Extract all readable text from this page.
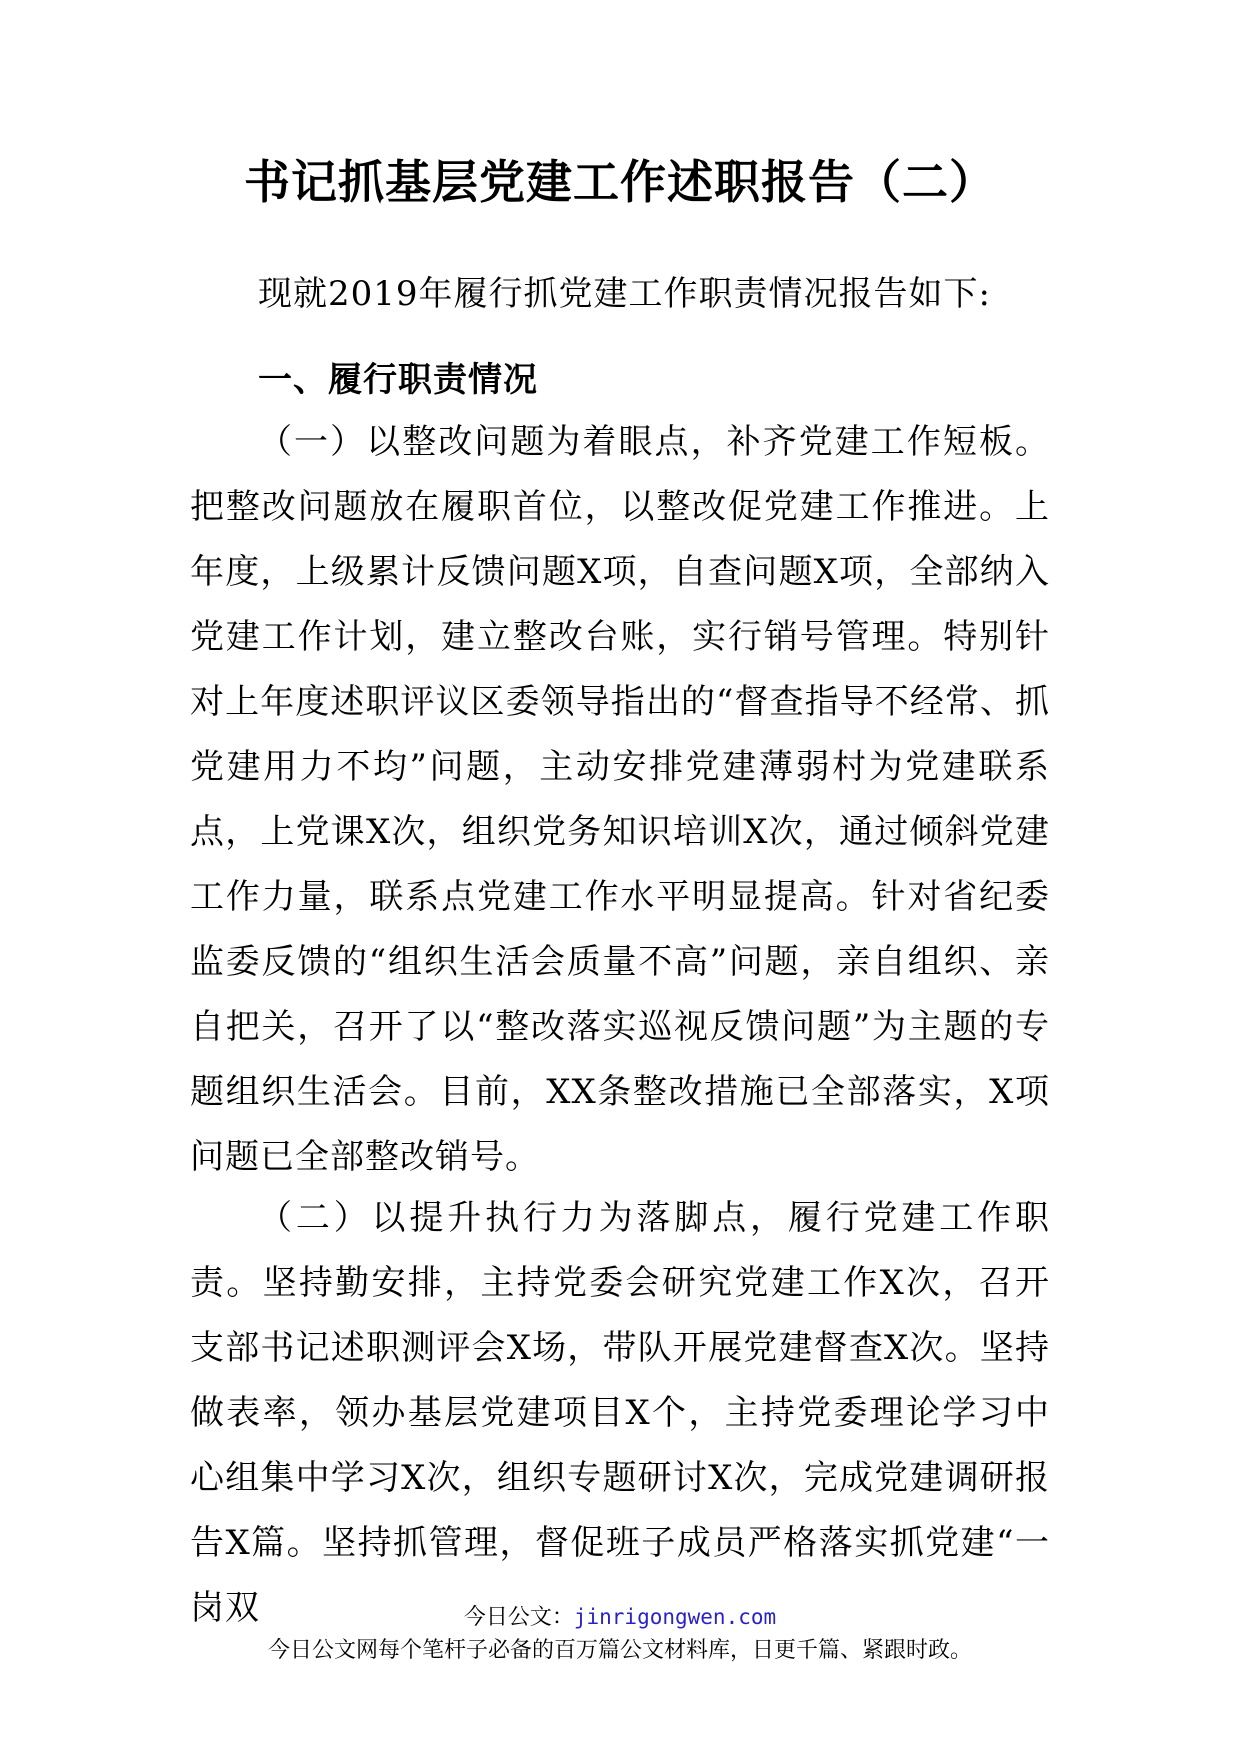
书记抓基层党建工作述职报告（二）
现就2019年履行抓党建工作职责情况报告如下:
一、履行职责情况
（一）以整改问题为着眼点，补齐党建工作短板。把整改问题放在履职首位，以整改促党建工作推进。上年度，上级累计反馈问题X项，自查问题X项，全部纳入党建工作计划，建立整改台账，实行销号管理。特别针对上年度述职评议区委领导指出的“督查指导不经常、抓党建用力不均”问题，主动安排党建薄弱村为党建联系点，上党课X次，组织党务知识培训X次，通过倾斜党建工作力量，联系点党建工作水平明显提高。针对省纪委监委反馈的“组织生活会质量不高”问题，亲自组织、亲自把关，召开了以“整改落实巡视反馈问题”为主题的专题组织生活会。目前，XX条整改措施已全部落实，X项问题已全部整改销号。
（二）以提升执行力为落脚点，履行党建工作职责。坚持勤安排，主持党委会研究党建工作X次，召开支部书记述职测评会X场，带队开展党建督查X次。坚持做表率，领办基层党建项目X个，主持党委理论学习中心组集中学习X次，组织专题研讨X次，完成党建调研报告X篇。坚持抓管理，督促班子成员严格落实抓党建“一岗双	今日公文：jinrigongwen.com
今日公文网每个笔杆子必备的百万篇公文材料库，日更千篇、紧跟时政。
